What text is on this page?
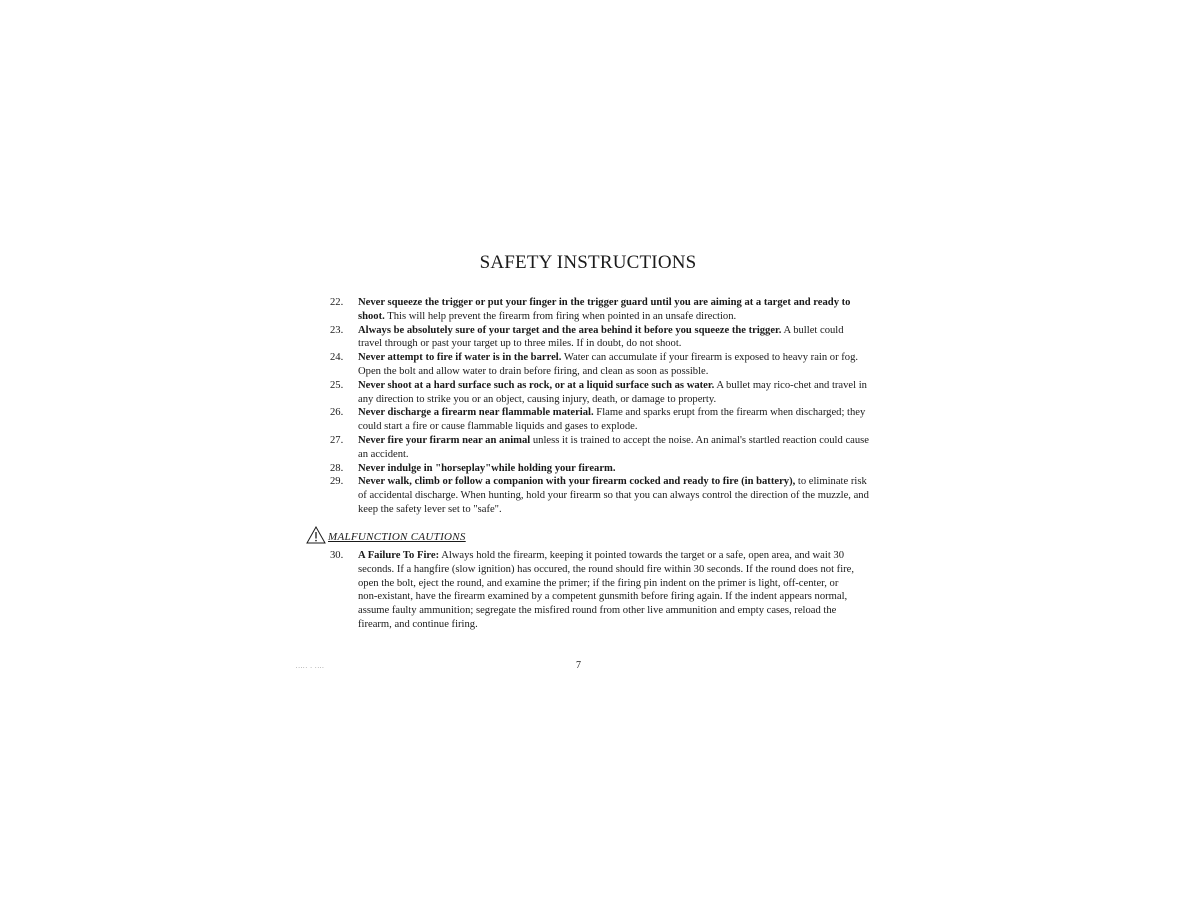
SAFETY INSTRUCTIONS

22. Never squeeze the trigger or put your finger in the trigger guard until you are aiming at a target and ready to shoot. This will help prevent the firearm from firing when pointed in an unsafe direction.

23. Always be absolutely sure of your target and the area behind it before you squeeze the trigger. A bullet could travel through or past your target up to three miles. If in doubt, do not shoot.

24. Never attempt to fire if water is in the barrel. Water can accumulate if your firearm is exposed to heavy rain or fog. Open the bolt and allow water to drain before firing, and clean as soon as possible.

25. Never shoot at a hard surface such as rock, or at a liquid surface such as water. A bullet may rico-chet and travel in any direction to strike you or an object, causing injury, death, or damage to property.

26. Never discharge a firearm near flammable material. Flame and sparks erupt from the firearm when discharged; they could start a fire or cause flammable liquids and gases to explode.

27. Never fire your firarm near an animal unless it is trained to accept the noise. An animal's startled reaction could cause an accident.

28. Never indulge in "horseplay"while holding your firearm.

29. Never walk, climb or follow a companion with your firearm cocked and ready to fire (in battery), to eliminate risk of accidental discharge. When hunting, hold your firearm so that you can always control the direction of the muzzle, and keep the safety lever set to "safe".

MALFUNCTION CAUTIONS

30. A Failure To Fire: Always hold the firearm, keeping it pointed towards the target or a safe, open area, and wait 30 seconds. If a hangfire (slow ignition) has occured, the round should fire within 30 seconds. If the round does not fire, open the bolt, eject the round, and examine the primer; if the firing pin indent on the primer is light, off-center, or non-existant, have the firearm examined by a competent gunsmith before firing again. If the indent appears normal, assume faulty ammunition; segregate the misfired round from other live ammunition and empty cases, reload the firearm, and continue firing.

..... . ....	7
